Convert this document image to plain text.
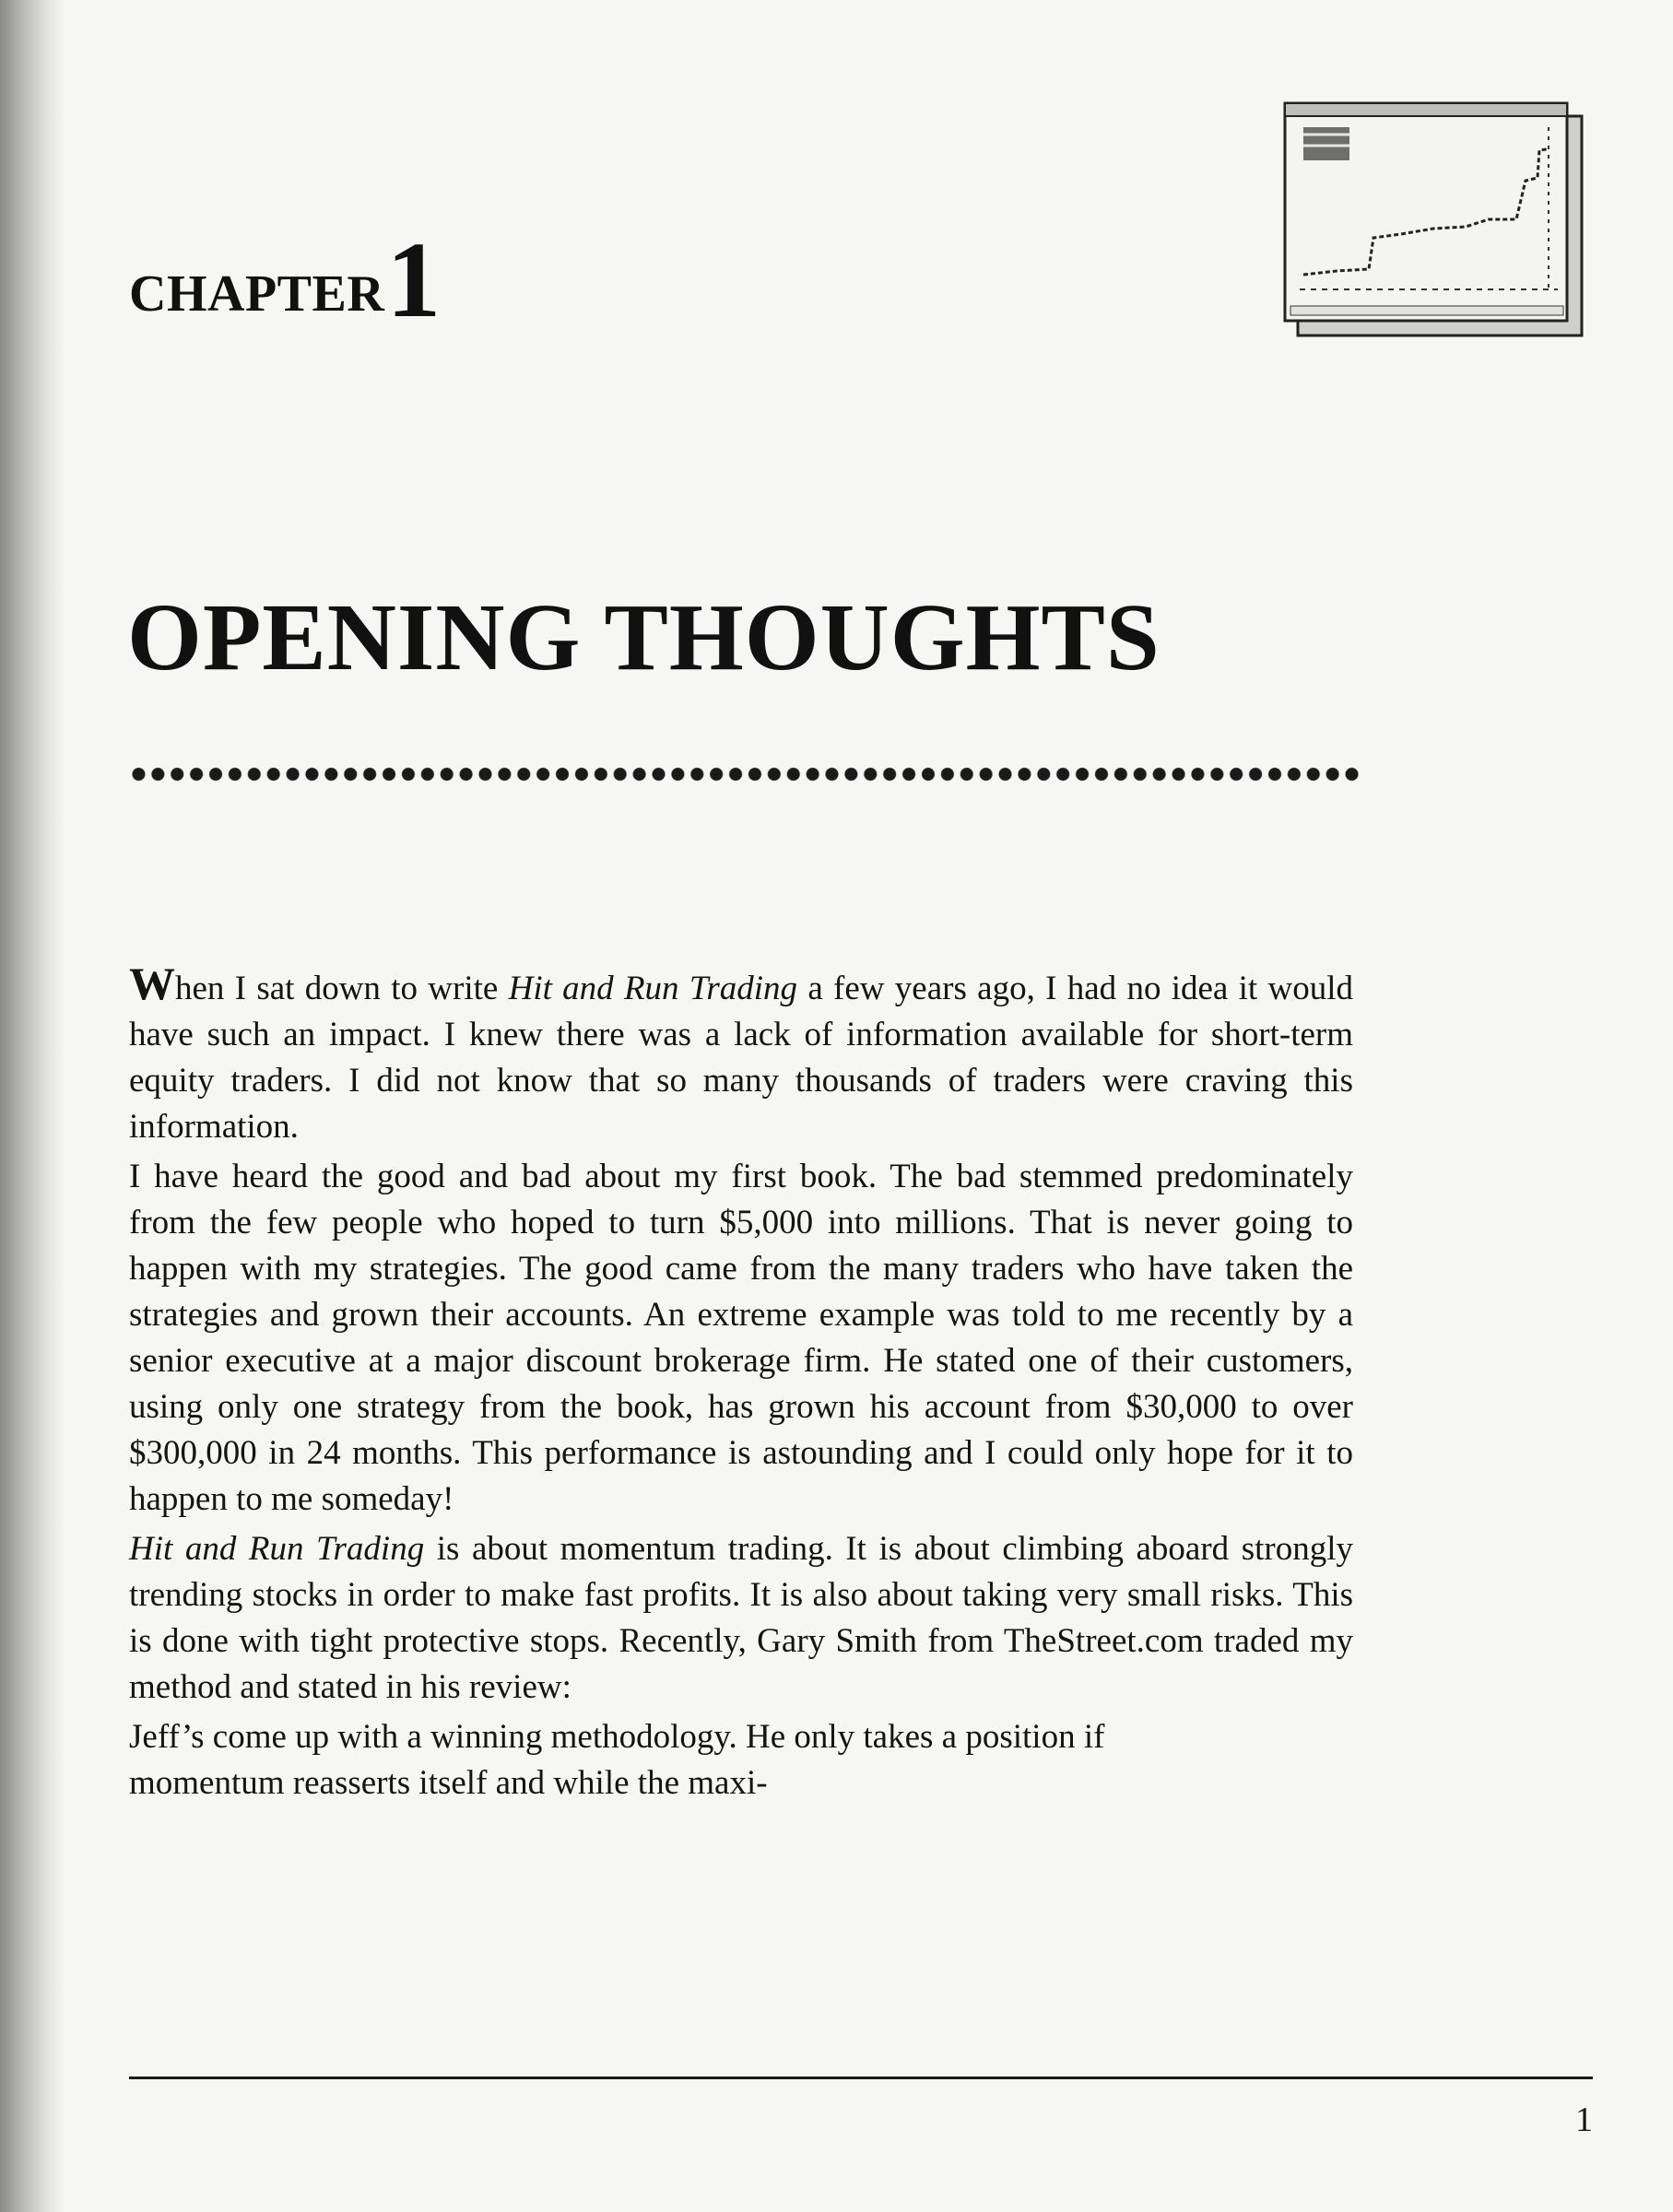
CHAPTER1
OPENING THOUGHTS

When I sat down to write Hit and Run Trading a few years ago, I had no idea it would have such an impact. I knew there was a lack of information available for short-term equity traders. I did not know that so many thousands of traders were craving this information.

I have heard the good and bad about my first book. The bad stemmed predominately from the few people who hoped to turn $5,000 into millions. That is never going to happen with my strategies. The good came from the many traders who have taken the strategies and grown their accounts. An extreme example was told to me recently by a senior executive at a major discount brokerage firm. He stated one of their customers, using only one strategy from the book, has grown his account from $30,000 to over $300,000 in 24 months. This performance is astounding and I could only hope for it to happen to me someday!

Hit and Run Trading is about momentum trading. It is about climbing aboard strongly trending stocks in order to make fast profits. It is also about taking very small risks. This is done with tight protective stops. Recently, Gary Smith from TheStreet.com traded my method and stated in his review:

Jeff’s come up with a winning methodology. He only takes a position if momentum reasserts itself and while the maxi-

1
